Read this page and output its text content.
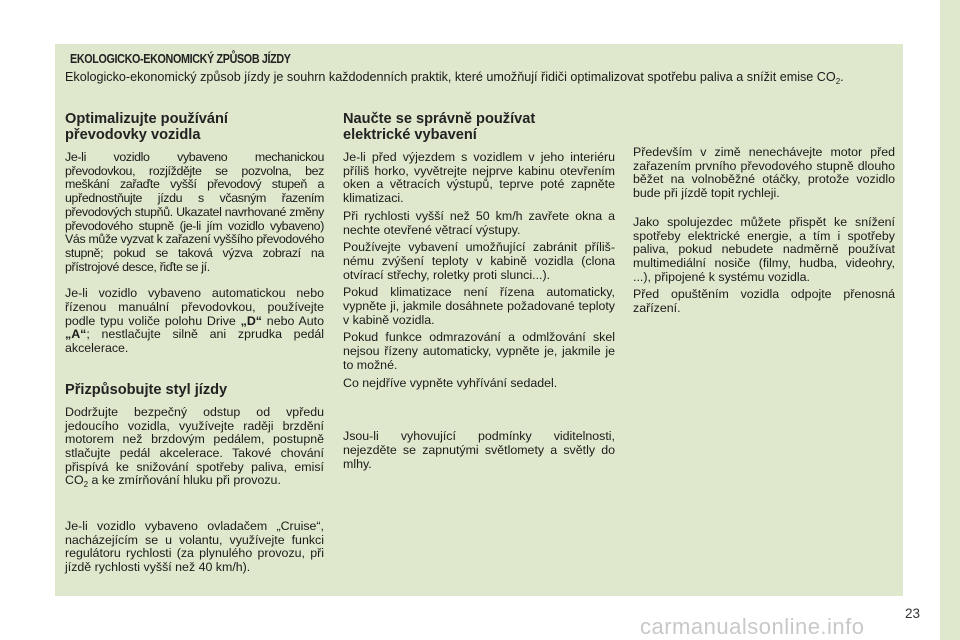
EKOLOGICKO-EKONOMICKÝ ZPŮSOB JÍZDY
Ekologicko-ekonomický způsob jízdy je souhrn každodenních praktik, které umožňují řidiči optimalizovat spotřebu paliva a snížit emise $CO_2$.
Optimalizujte používání
převodovky vozidla

Je-li vozidlo vybaveno mechanickou převodovkou, rozjíždějte se pozvolna, bez meškání zařaďte vyšší převodový stupeň a upřednostňujte jízdu s včasným řazením převodových stupňů. Ukazatel navrhované změny převodového stupně (je-li jím vozidlo vybaveno) Vás může vyzvat k zařazení vyššího převodového stupně; pokud se taková výzva zobrazí na přístrojové desce, řiďte se jí.

Je-li vozidlo vybaveno automatickou nebo řízenou manuální převodovkou, používejte podle typu voliče polohu Drive „D“ nebo Auto „A“; nestlačujte silně ani zprudka pedál akcelerace.

Přizpůsobujte styl jízdy

Dodržujte bezpečný odstup od vpředu jedoucího vozidla, využívejte raději brzdění motorem než brzdovým pedálem, postupně stlačujte pedál akcelerace. Takové chování přispívá ke snižování spotřeby paliva, emisí $CO_2$ a ke zmírňování hluku při provozu.

Je-li vozidlo vybaveno ovladačem „Cruise“, nacházejícím se u volantu, využívejte funkci regulátoru rychlosti (za plynulého provozu, při jízdě rychlosti vyšší než 40 km/h).

Naučte se správně používat
elektrické vybavení

Je-li před výjezdem s vozidlem v jeho interiéru příliš horko, vyvětrejte nejprve kabinu otevřením oken a větracích výstupů, teprve poté zapněte klimatizaci.

Při rychlosti vyšší než 50 km/h zavřete okna a nechte otevřené větrací výstupy.

Používejte vybavení umožňující zabránit přílišnému zvýšení teploty v kabině vozidla (clona otvírací střechy, roletky proti slunci...).

Pokud klimatizace není řízena automaticky, vypněte ji, jakmile dosáhnete požadované teploty v kabině vozidla.

Pokud funkce odmrazování a odmlžování skel nejsou řízeny automaticky, vypněte je, jakmile je to možné.

Co nejdříve vypněte vyhřívání sedadel.

Jsou-li vyhovující podmínky viditelnosti, nejezděte se zapnutými světlomety a světly do mlhy.

Především v zimě nenechávejte motor před zařazením prvního převodového stupně dlouho běžet na volnoběžné otáčky, protože vozidlo bude při jízdě topit rychleji.

Jako spolujezdec můžete přispět ke snížení spotřeby elektrické energie, a tím i spotřeby paliva, pokud nebudete nadměrně používat multimediální nosiče (filmy, hudba, videohry, ...), připojené k systému vozidla.

Před opuštěním vozidla odpojte přenosná zařízení.

23
carmanualsonline.info
